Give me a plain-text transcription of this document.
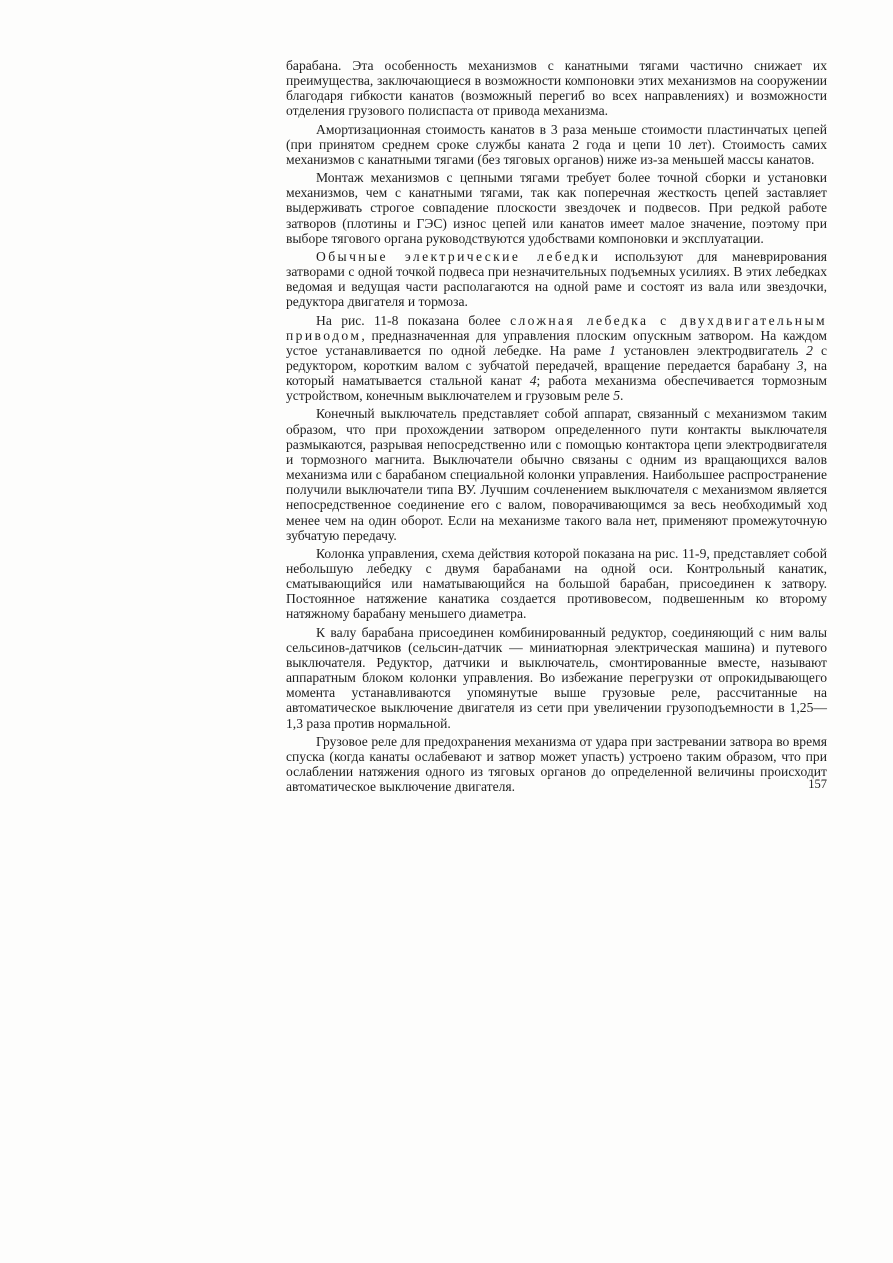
барабана. Эта особенность механизмов с канатными тягами частично снижает их преимущества, заключающиеся в возможности компоновки этих механизмов на сооружении благодаря гибкости канатов (возможный перегиб во всех направлениях) и возможности отделения грузового полиспаста от привода механизма.

Амортизационная стоимость канатов в 3 раза меньше стоимости пластинчатых цепей (при принятом среднем сроке службы каната 2 года и цепи 10 лет). Стоимость самих механизмов с канатными тягами (без тяговых органов) ниже из-за меньшей массы канатов.

Монтаж механизмов с цепными тягами требует более точной сборки и установки механизмов, чем с канатными тягами, так как поперечная жесткость цепей заставляет выдерживать строгое совпадение плоскости звездочек и подвесов. При редкой работе затворов (плотины и ГЭС) износ цепей или канатов имеет малое значение, поэтому при выборе тягового органа руководствуются удобствами компоновки и эксплуатации.

Обычные электрические лебедки используют для маневрирования затворами с одной точкой подвеса при незначительных подъемных усилиях. В этих лебедках ведомая и ведущая части располагаются на одной раме и состоят из вала или звездочки, редуктора двигателя и тормоза.

На рис. 11-8 показана более сложная лебедка с двухдвигательным приводом, предназначенная для управления плоским опускным затвором. На каждом устое устанавливается по одной лебедке. На раме 1 установлен электродвигатель 2 с редуктором, коротким валом с зубчатой передачей, вращение передается барабану 3, на который наматывается стальной канат 4; работа механизма обеспечивается тормозным устройством, конечным выключателем и грузовым реле 5.

Конечный выключатель представляет собой аппарат, связанный с механизмом таким образом, что при прохождении затвором определенного пути контакты выключателя размыкаются, разрывая непосредственно или с помощью контактора цепи электродвигателя и тормозного магнита. Выключатели обычно связаны с одним из вращающихся валов механизма или с барабаном специальной колонки управления. Наибольшее распространение получили выключатели типа ВУ. Лучшим сочленением выключателя с механизмом является непосредственное соединение его с валом, поворачивающимся за весь необходимый ход менее чем на один оборот. Если на механизме такого вала нет, применяют промежуточную зубчатую передачу.

Колонка управления, схема действия которой показана на рис. 11-9, представляет собой небольшую лебедку с двумя барабанами на одной оси. Контрольный канатик, сматывающийся или наматывающийся на большой барабан, присоединен к затвору. Постоянное натяжение канатика создается противовесом, подвешенным ко второму натяжному барабану меньшего диаметра.

К валу барабана присоединен комбинированный редуктор, соединяющий с ним валы сельсинов-датчиков (сельсин-датчик — миниатюрная электрическая машина) и путевого выключателя. Редуктор, датчики и выключатель, смонтированные вместе, называют аппаратным блоком колонки управления. Во избежание перегрузки от опрокидывающего момента устанавливаются упомянутые выше грузовые реле, рассчитанные на автоматическое выключение двигателя из сети при увеличении грузоподъемности в 1,25—1,3 раза против нормальной.

Грузовое реле для предохранения механизма от удара при застревании затвора во время спуска (когда канаты ослабевают и затвор может упасть) устроено таким образом, что при ослаблении натяжения одного из тяговых органов до определенной величины происходит автоматическое выключение двигателя.	157
